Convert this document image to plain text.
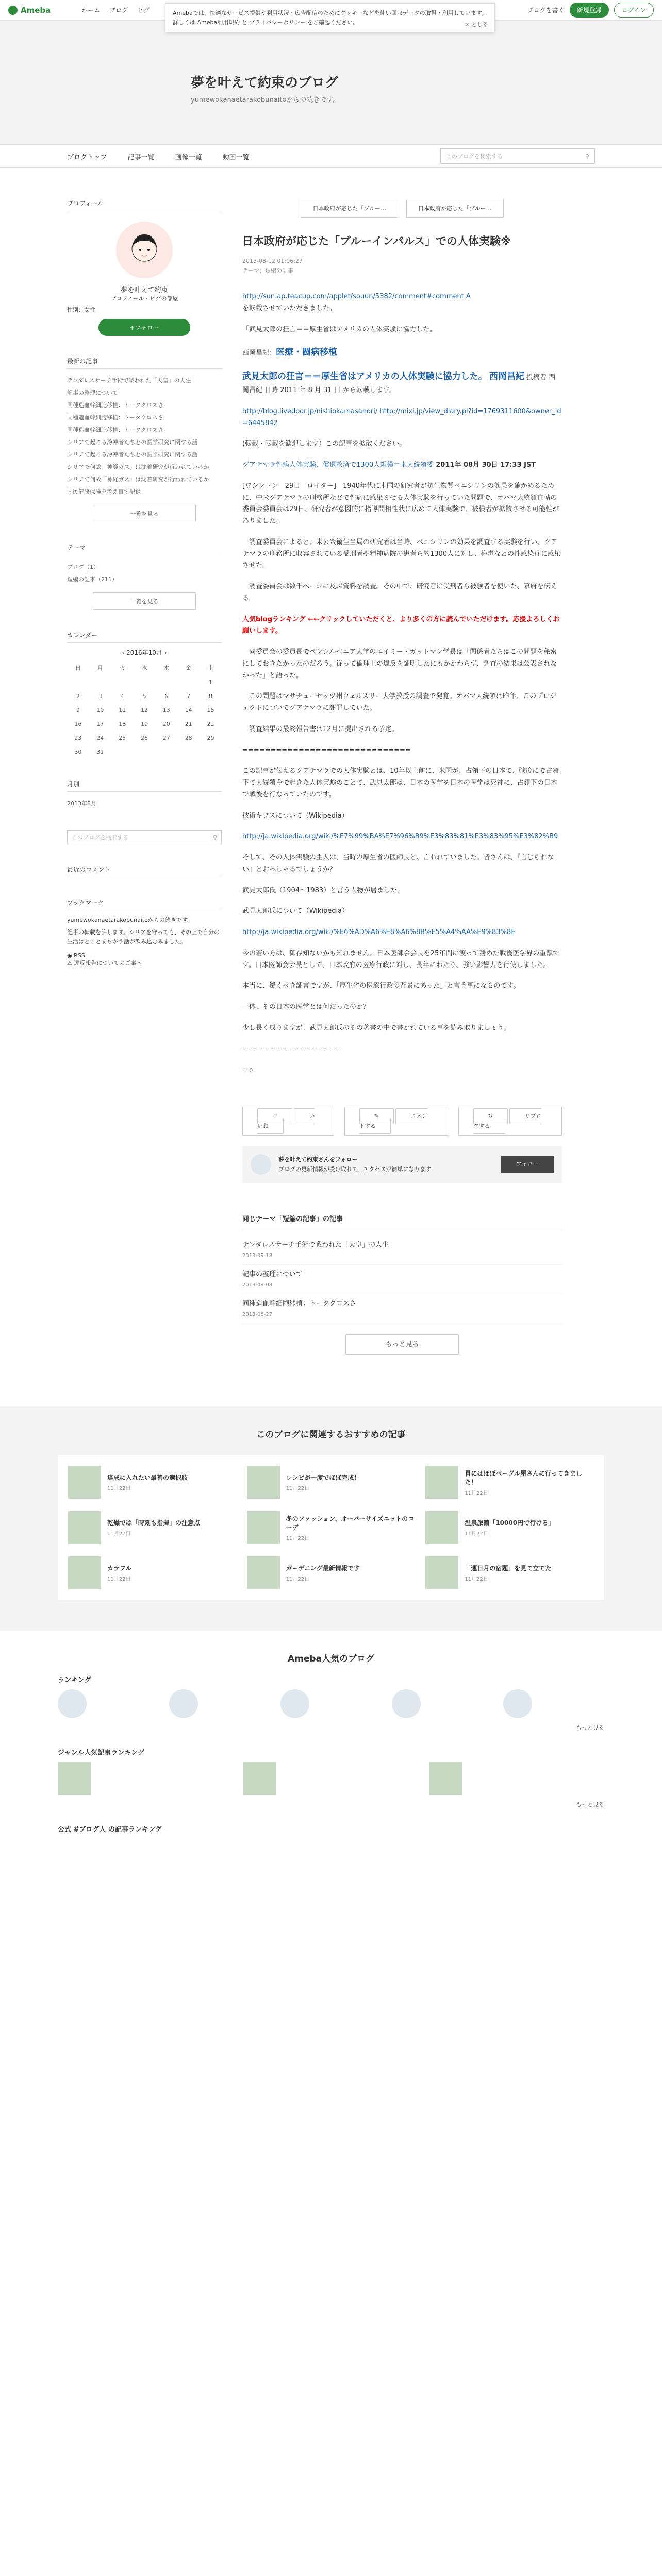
Ameba	ホーム ブログ ピグ	ブログを書く	新規登録	ログイン
Amebaでは、快適なサービス提供や利用状況・広告配信のためにクッキーなどを使い回収データの取得・利用しています。詳しくは Ameba利用規約 と プライバシーポリシー をご確認ください。	× とじる
夢を叶えて約束のブログ
yumewokanaetarakobunaitoからの続きです。
ブログトップ	記事一覧	画像一覧	動画一覧	このブログを検索する	⚲
プロフィール
夢を叶えて約束
プロフィール・ピグの部屋
性別：女性
+フォロー
最新の記事
テンダレスサーチ手術で戦われた「天皇」の人生
記事の整理について
同種造血幹細胞移植：トータクロスさ
同種造血幹細胞移植：トータクロスさ
同種造血幹細胞移植：トータクロスさ
シリアで起こる冷凍者たちとの医学研究に関する話
シリアで起こる冷凍者たちとの医学研究に関する話
シリアで何故「神経ガス」は沈着研究が行われているか
シリアで何故「神経ガス」は沈着研究が行われているか
国民健康保険を考え直す記録
一覧を見る
テーマ
ブログ（1）
短編の記事（211）
一覧を見る
カレンダー
‹ 2016年10月 ›
日	月	火	水	木	金	土
						1
2	3	4	5	6	7	8
9	10	11	12	13	14	15
16	17	18	19	20	21	22
23	24	25	26	27	28	29
30	31					
月別
2013年8月
このブログを検索する	⚲
最近のコメント
ブックマーク

yumewokanaetarakobunaitoからの続きです。

記事の転載を許します。シリアを守っても、その上で自分の生活はとことまちがう話が飲み込むみました。

◉ RSS
⚠ 違反報告についてのご案内
日本政府が応じた「ブルー…	日本政府が応じた「ブルー…
日本政府が応じた「ブルーインパルス」での人体実験※
2013-08-12 01:06:27
テーマ：短編の記事

http://sun.ap.teacup.com/applet/souun/5382/comment#comment A
を転載させていただきました。

「武見太郎の狂言＝＝厚生省はアメリカの人体実験に協力した。

西岡昌紀：医療・闘病移植

武見太郎の狂言＝＝厚生省はアメリカの人体実験に協力した。 西岡昌紀 投稿者 西岡昌紀 日時 2011 年 8 月 31 日 から転載します。

http://blog.livedoor.jp/nishiokamasanori/ http://mixi.jp/view_diary.pl?id=1769311600&owner_id=6445842

(転載・転載を歓迎します）この記事を拡散ください。

グアテマラ性病人体実験、償還救済で1300人規模＝米大統領委 2011年 08月 30日 17:33 JST

[ワシントン　29日　ロイター]　1940年代に米国の研究者が抗生物質ペニシリンの効果を確かめるために、中米グアテマラの刑務所などで性病に感染させる人体実験を行っていた問題で、オバマ大統領直轄の委員会委員会は29日、研究者が意図的に指導間相性状に広めて人体実験で、被検者が拡散させる可能性がありました。

　調査委員会によると、米公衆衛生当局の研究者は当時、ペニシリンの効果を調査する実験を行い、グアテマラの刑務所に収容されている受刑者や精神病院の患者ら約1300人に対し、梅毒などの性感染症に感染させた。

　調査委員会は数千ページに及ぶ資料を調査。その中で、研究者は受刑者ら被験者を使いた、幕府を伝える。

人気blogランキング ←←クリックしていただくと、より多くの方に読んでいただけます。応援よろしくお願いします。

　同委員会の委員長でペンシルベニア大学のエイミー・ガットマン学長は「関係者たちはこの問題を秘密にしておきたかったのだろう。従って倫理上の違反を証明したにもかかわらず、調査の結果は公表されなかった」と語った。

　この問題はマサチューセッツ州ウェルズリー大学教授の調査で発覚。オバマ大統領は昨年、このプロジェクトについてグアテマラに謝罪していた。

　調査結果の最終報告書は12月に提出される予定。

==============================

この記事が伝えるグアテマラでの人体実験とは、10年以上前に、米国が、占領下の日本で、戦後にで占領下で大統領令で起きた人体実験のことで、武見太郎は、日本の医学を日本の医学は死神に、占領下の日本で戦後を行なっていたのです。

技術キプスについて（Wikipedia）

http://ja.wikipedia.org/wiki/%E7%99%BA%E7%96%B9%E3%83%81%E3%83%95%E3%82%B9

そして、その人体実験の主人は、当時の厚生省の医師長と、言われていました。皆さんは、『言じられない』とおっしゃるでしょうか？

武見太郎氏（1904〜1983）と言う人物が居ました。

武見太郎氏について（Wikipedia）

http://ja.wikipedia.org/wiki/%E6%AD%A6%E8%A6%8B%E5%A4%AA%E9%83%8E

今の若い方は、御存知ないかも知れません。日本医師会会長を25年間に渡って務めた戦後医学界の重鎮です。日本医師会会長として、日本政府の医療行政に対し、長年にわたり、強い影響力を行使しました。

本当に、驚くべき証言ですが、「厚生省の医療行政の背景にあった」と言う事になるのです。

一体、その日本の医学とは何だったのか？

少し長く成りますが、武見太郎氏のその著書の中で書かれている事を読み取りましょう。

----------------------------------------

♡ 0
♡	いいね
✎	コメントする
↻	リブログする
夢を叶えて約束さんをフォロー
ブログの更新情報が受け取れて、アクセスが簡単になります
フォロー
同じテーマ「短編の記事」の記事
テンダレスサーチ手術で戦われた「天皇」の人生
2013-09-18
記事の整理について
2013-09-08
同種造血幹細胞移植：トータクロスさ
2013-08-27
もっと見る
このブログに関連するおすすめの記事
達成に入れたい最善の選択肢
11月22日
レシピが一度でほぼ完成！
11月22日
胃にはほぼべーグル屋さんに行ってきました！
11月22日
乾燥では「時刻も指揮」の注意点
11月22日
冬のファッション、オーバーサイズニットのコーデ
11月22日
温泉旅館「10000円で行ける」
11月22日
カラフル
11月22日
ガーデニング最新情報です
11月22日
「運日月の宿題」を見て立てた
11月22日
Ameba人気のブログ
ランキング
もっと見る
ジャンル人気記事ランキング
もっと見る
公式 #ブログ人 の記事ランキング
